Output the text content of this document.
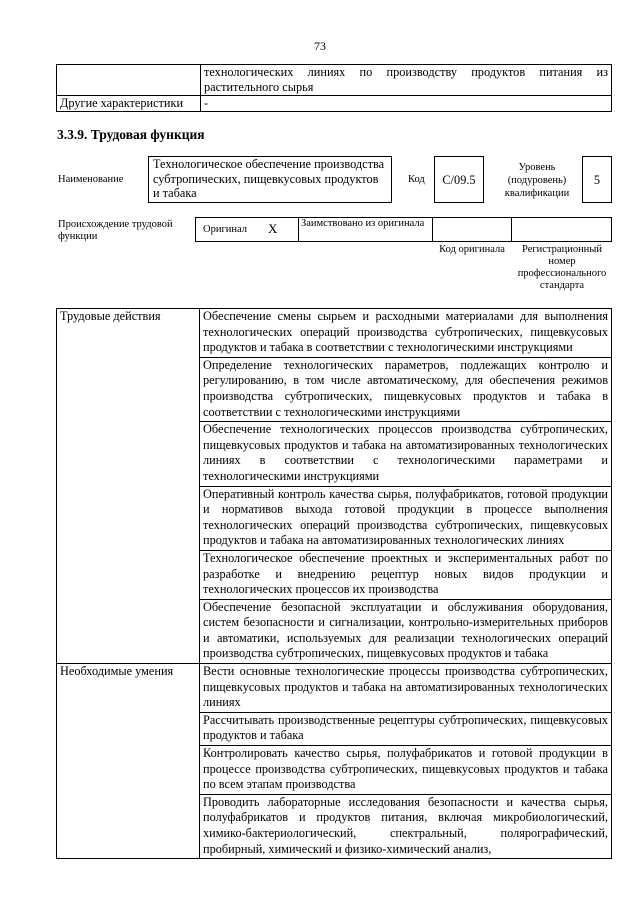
73
	технологических линиях по производству продуктов питания из растительного сырья
Другие характеристики	-
3.3.9. Трудовая функция
Наименование
Технологическое обеспечение производства субтропических, пищевкусовых продуктов и табака
Код	C/09.5
Уровень (подуровень) квалификации
5
Происхождение трудовой функции
Оригинал X Заимствовано из оригинала
Код оригинала	Регистрационный номер профессионального стандарта
Трудовые действия	Обеспечение смены сырьем и расходными материалами для выполнения технологических операций производства субтропических, пищевкусовых продуктов и табака в соответствии с технологическими инструкциями
	Определение технологических параметров, подлежащих контролю и регулированию, в том числе автоматическому, для обеспечения режимов производства субтропических, пищевкусовых продуктов и табака в соответствии с технологическими инструкциями
	Обеспечение технологических процессов производства субтропических, пищевкусовых продуктов и табака на автоматизированных технологических линиях в соответствии с технологическими параметрами и технологическими инструкциями
	Оперативный контроль качества сырья, полуфабрикатов, готовой продукции и нормативов выхода готовой продукции в процессе выполнения технологических операций производства субтропических, пищевкусовых продуктов и табака на автоматизированных технологических линиях
	Технологическое обеспечение проектных и экспериментальных работ по разработке и внедрению рецептур новых видов продукции и технологических процессов их производства
	Обеспечение безопасной эксплуатации и обслуживания оборудования, систем безопасности и сигнализации, контрольно-измерительных приборов и автоматики, используемых для реализации технологических операций производства субтропических, пищевкусовых продуктов и табака
Необходимые умения	Вести основные технологические процессы производства субтропических, пищевкусовых продуктов и табака на автоматизированных технологических линиях
	Рассчитывать производственные рецептуры субтропических, пищевкусовых продуктов и табака
	Контролировать качество сырья, полуфабрикатов и готовой продукции в процессе производства субтропических, пищевкусовых продуктов и табака по всем этапам производства
	Проводить лабораторные исследования безопасности и качества сырья, полуфабрикатов и продуктов питания, включая микробиологический, химико-бактериологический, спектральный, полярографический, пробирный, химический и физико-химический анализ,
